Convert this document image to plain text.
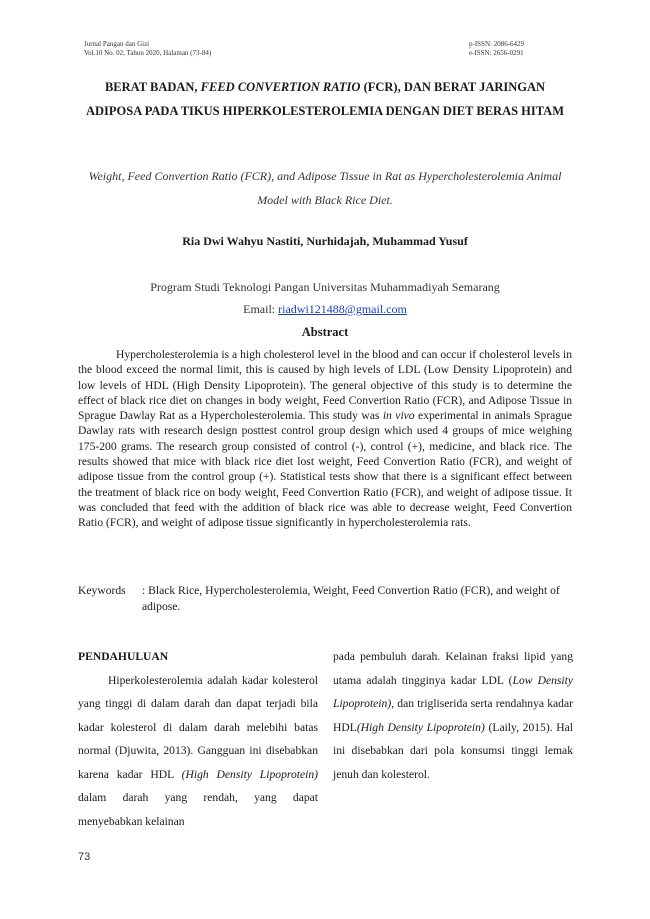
Jurnal Pangan dan Gizi
Vol.10 No. 02, Tahun 2020, Halaman (73-84)
p-ISSN: 2086-6429
e-ISSN: 2656-0291
BERAT BADAN, FEED CONVERTION RATIO (FCR), DAN BERAT JARINGAN ADIPOSA PADA TIKUS HIPERKOLESTEROLEMIA DENGAN DIET BERAS HITAM
Weight, Feed Convertion Ratio (FCR), and Adipose Tissue in Rat as Hypercholesterolemia Animal Model with Black Rice Diet.
Ria Dwi Wahyu Nastiti, Nurhidajah, Muhammad Yusuf
Program Studi Teknologi Pangan Universitas Muhammadiyah Semarang
Email: riadwi121488@gmail.com
Abstract

Hypercholesterolemia is a high cholesterol level in the blood and can occur if cholesterol levels in the blood exceed the normal limit, this is caused by high levels of LDL (Low Density Lipoprotein) and low levels of HDL (High Density Lipoprotein). The general objective of this study is to determine the effect of black rice diet on changes in body weight, Feed Convertion Ratio (FCR), and Adipose Tissue in Sprague Dawlay Rat as a Hypercholesterolemia. This study was in vivo experimental in animals Sprague Dawlay rats with research design posttest control group design which used 4 groups of mice weighing 175-200 grams. The research group consisted of control (-), control (+), medicine, and black rice. The results showed that mice with black rice diet lost weight, Feed Convertion Ratio (FCR), and weight of adipose tissue from the control group (+). Statistical tests show that there is a significant effect between the treatment of black rice on body weight, Feed Convertion Ratio (FCR), and weight of adipose tissue. It was concluded that feed with the addition of black rice was able to decrease weight, Feed Convertion Ratio (FCR), and weight of adipose tissue significantly in hypercholesterolemia rats.

Keywords	: Black Rice, Hypercholesterolemia, Weight, Feed Convertion Ratio (FCR), and weight of adipose.

PENDAHULUAN

Hiperkolesterolemia adalah kadar kolesterol yang tinggi di dalam darah dan dapat terjadi bila kadar kolesterol di dalam darah melebihi batas normal (Djuwita, 2013). Gangguan ini disebabkan karena kadar HDL (High Density Lipoprotein) dalam darah yang rendah, yang dapat menyebabkan kelainan

pada pembuluh darah. Kelainan fraksi lipid yang utama adalah tingginya kadar LDL (Low Density Lipoprotein), dan trigliserida serta rendahnya kadar HDL(High Density Lipoprotein) (Laily, 2015). Hal ini disebabkan dari pola konsumsi tinggi lemak jenuh dan kolesterol.

73
